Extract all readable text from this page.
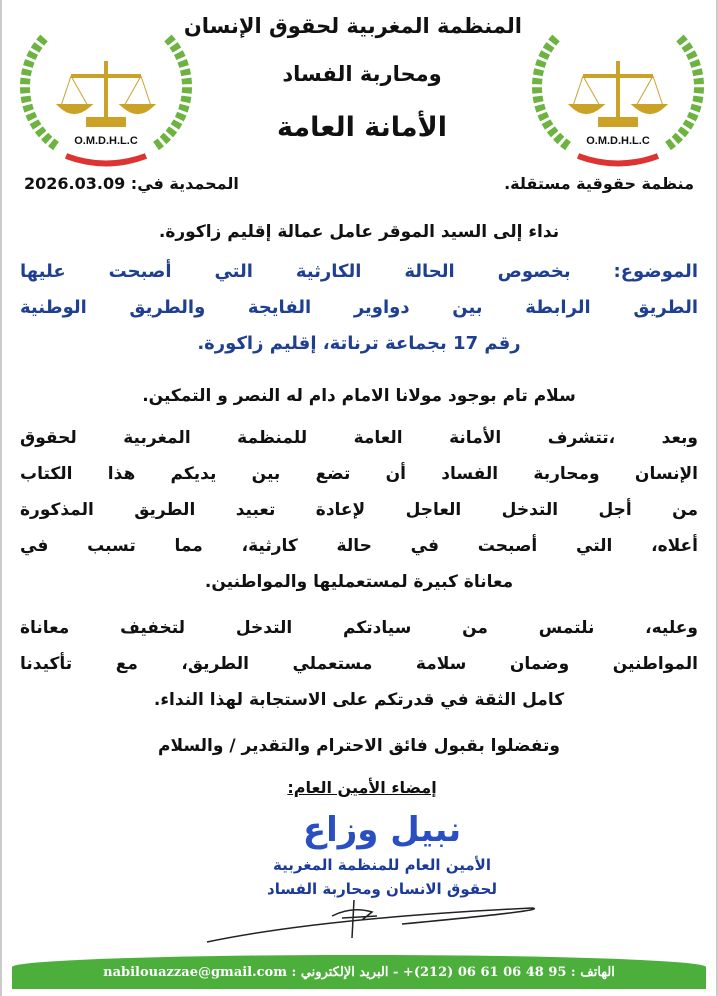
O.M.D.H.L.C	O.M.D.H.L.C
المنظمة المغربية لحقوق الإنسان
ومحاربة الفساد
الأمانة العامة
منظمة حقوقية مستقلة.
المحمدية في: 2026.03.09
نداء إلى السيد الموقر عامل عمالة إقليم زاكورة.
الموضوع: بخصوص الحالة الكارثية التي أصبحت عليها
الطريق الرابطة بين دواوير الفايجة والطريق الوطنية
رقم 17 بجماعة ترناتة، إقليم زاكورة.
سلام تام بوجود مولانا الامام دام له النصر و التمكين.
وبعد ،تتشرف الأمانة العامة للمنظمة المغربية لحقوق
الإنسان ومحاربة الفساد أن تضع بين يديكم هذا الكتاب
من أجل التدخل العاجل لإعادة تعبيد الطريق المذكورة
أعلاه، التي أصبحت في حالة كارثية، مما تسبب في
معاناة كبيرة لمستعمليها والمواطنين.
وعليه، نلتمس من سيادتكم التدخل لتخفيف معاناة
المواطنين وضمان سلامة مستعملي الطريق، مع تأكيدنا
كامل الثقة في قدرتكم على الاستجابة لهذا النداء.
وتفضلوا بقبول فائق الاحترام والتقدير / والسلام
إمضاء الأمين العام:
نبيل وزاع
الأمين العام للمنظمة المغربية
لحقوق الانسان ومحاربة الفساد
الهاتف : 95 48 06 61 06 (212)+ - البريد الإلكتروني : nabilouazzae@gmail.com
